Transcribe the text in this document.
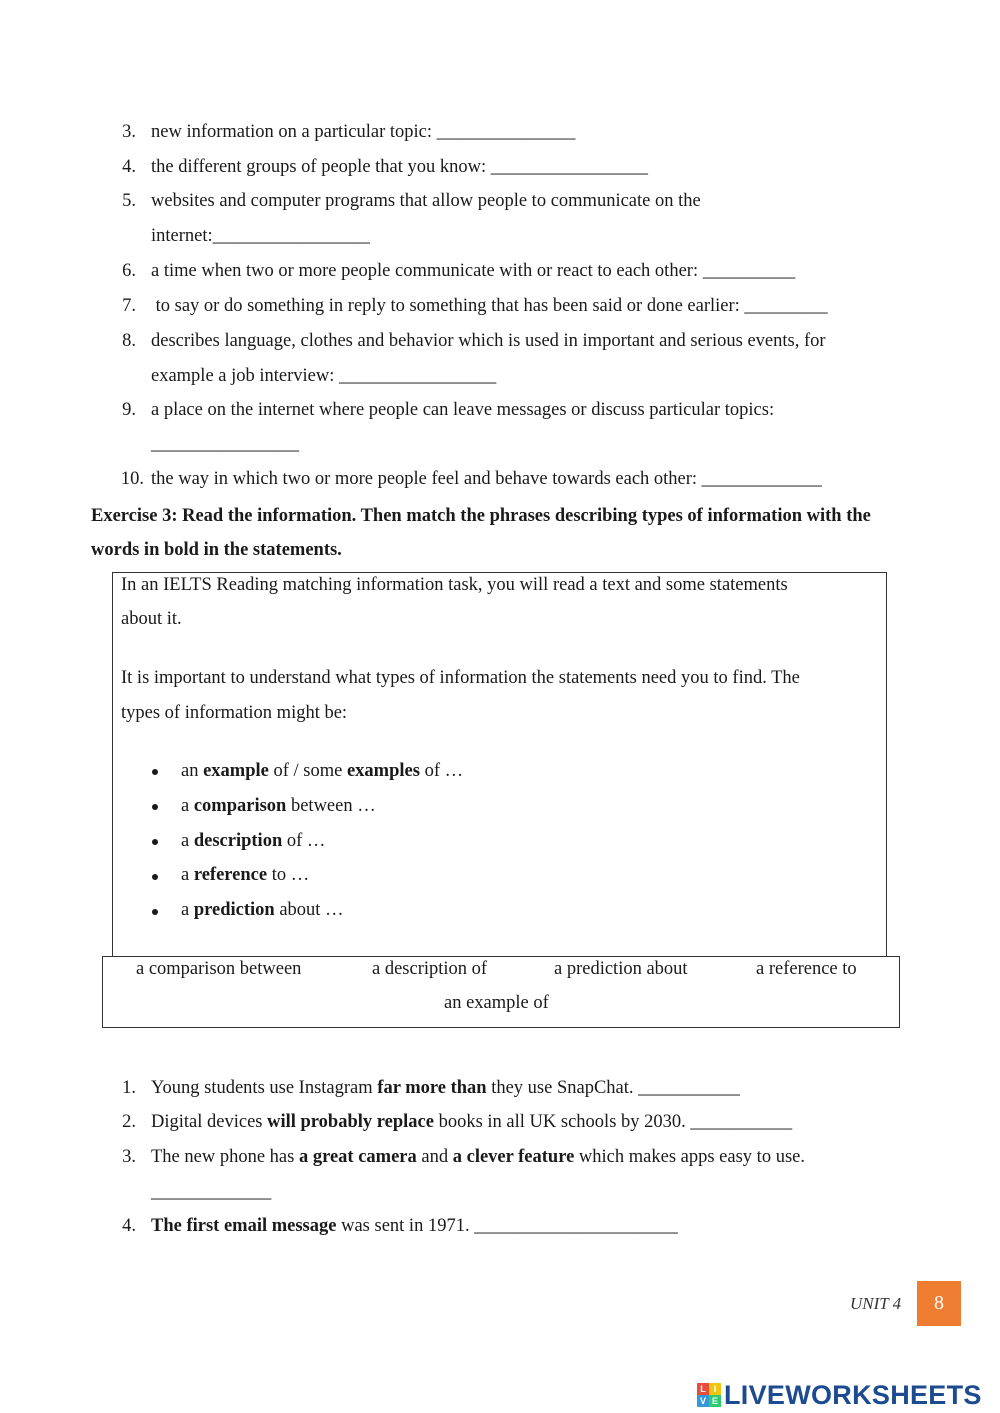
3. new information on a particular topic: _______________
4. the different groups of people that you know: _________________
5. websites and computer programs that allow people to communicate on the
internet:_________________
6. a time when two or more people communicate with or react to each other: __________
7. to say or do something in reply to something that has been said or done earlier: _________
8. describes language, clothes and behavior which is used in important and serious events, for
example a job interview: _________________
9. a place on the internet where people can leave messages or discuss particular topics:
________________
10. the way in which two or more people feel and behave towards each other: _____________
Exercise 3: Read the information. Then match the phrases describing types of information with the
words in bold in the statements.
In an IELTS Reading matching information task, you will read a text and some statements
about it.
It is important to understand what types of information the statements need you to find. The
types of information might be:
an example of / some examples of …
a comparison between …
a description of …
a reference to …
a prediction about …
a comparison between	a description of	a prediction about	a reference to
an example of
1. Young students use Instagram far more than they use SnapChat. ___________
2. Digital devices will probably replace books in all UK schools by 2030. ___________
3. The new phone has a great camera and a clever feature which makes apps easy to use.
_____________
4. The first email message was sent in 1971. ______________________
UNIT 4	8
L I
V E LIVEWORKSHEETS
